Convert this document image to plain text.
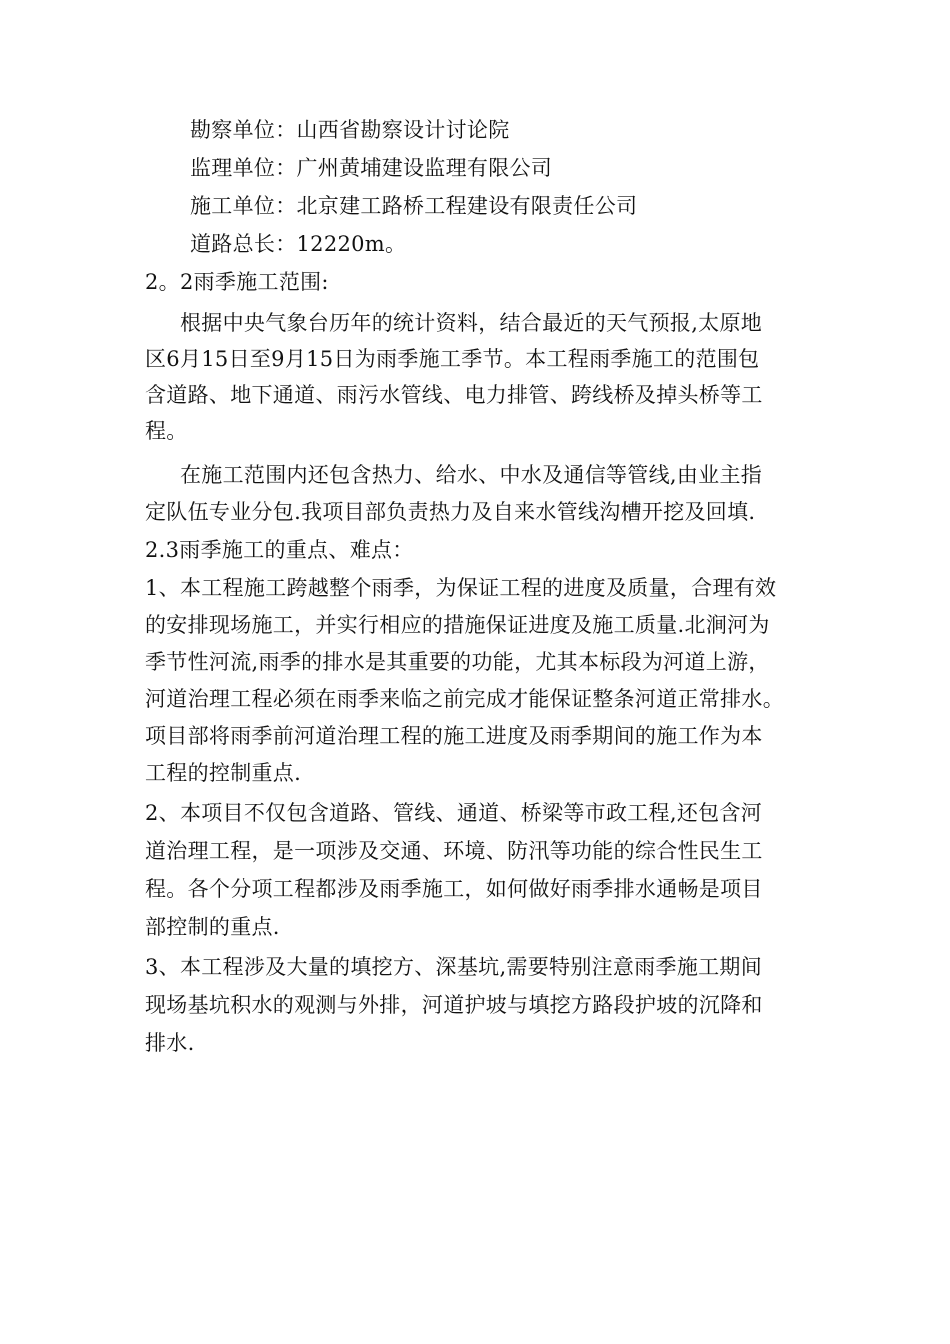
勘察单位：山西省勘察设计讨论院
监理单位：广州黄埔建设监理有限公司
施工单位：北京建工路桥工程建设有限责任公司
道路总长：12220m。
2。2雨季施工范围:
根据中央气象台历年的统计资料，结合最近的天气预报,太原地
区6月15日至9月15日为雨季施工季节。本工程雨季施工的范围包
含道路、地下通道、雨污水管线、电力排管、跨线桥及掉头桥等工
程。
在施工范围内还包含热力、给水、中水及通信等管线,由业主指
定队伍专业分包.我项目部负责热力及自来水管线沟槽开挖及回填.
2.3雨季施工的重点、难点：
1、本工程施工跨越整个雨季，为保证工程的进度及质量，合理有效
的安排现场施工，并实行相应的措施保证进度及施工质量.北涧河为
季节性河流,雨季的排水是其重要的功能，尤其本标段为河道上游，
河道治理工程必须在雨季来临之前完成才能保证整条河道正常排水。
项目部将雨季前河道治理工程的施工进度及雨季期间的施工作为本
工程的控制重点.
2、本项目不仅包含道路、管线、通道、桥梁等市政工程,还包含河
道治理工程，是一项涉及交通、环境、防汛等功能的综合性民生工
程。各个分项工程都涉及雨季施工，如何做好雨季排水通畅是项目
部控制的重点.
3、本工程涉及大量的填挖方、深基坑,需要特别注意雨季施工期间
现场基坑积水的观测与外排，河道护坡与填挖方路段护坡的沉降和
排水.
